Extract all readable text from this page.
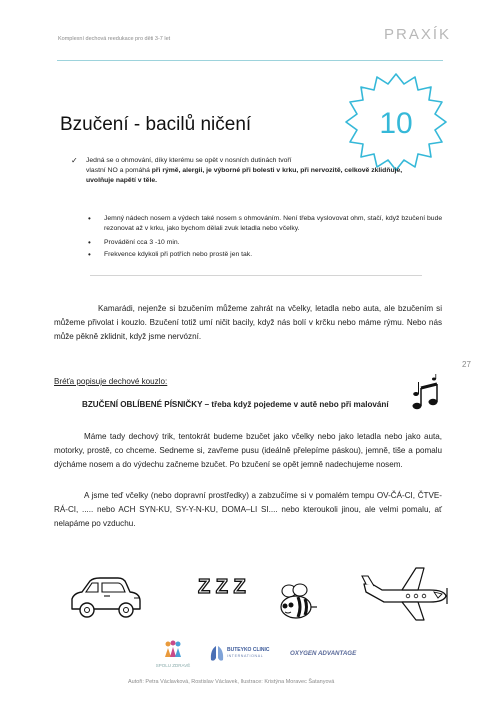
Komplexní dechová reedukace pro děti 3-7 let	PRAXÍK
Bzučení - bacilů ničení	10
✓ Jedná se o ohmování, díky kterému se opět v nosních dutinách tvoří
vlastní NO a pomáhá při rýmě, alergii, je výborné při bolesti v krku, při nervozitě, celkově zklidňuje,
uvolňuje napětí v těle.
• Jemný nádech nosem a výdech také nosem s ohmováním. Není třeba vyslovovat ohm, stačí, když bzučení bude rezonovat až v krku, jako bychom dělali zvuk letadla nebo včelky.
• Provádění cca 3 -10 min.
• Frekvence kdykoli při potřích nebo prostě jen tak.
Kamarádi, nejenže si bzučením můžeme zahrát na včelky, letadla nebo auta, ale bzučením si můžeme přivolat i kouzlo. Bzučení totiž umí ničit bacily, když nás bolí v krčku nebo máme rýmu. Nebo nás může pěkně zklidnit, když jsme nervózní.
27
Bréťa popisuje dechové kouzlo:
BZUČENÍ OBLÍBENÉ PÍSNIČKY – třeba když pojedeme v autě nebo při malování
Máme tady dechový trik, tentokrát budeme bzučet jako včelky nebo jako letadla nebo jako auta, motorky, prostě, co chceme. Sedneme si, zavřeme pusu (ideálně přelepíme páskou), jemně, tiše a pomalu dýcháme nosem a do výdechu začneme bzučet. Po bzučení se opět jemně nadechujeme nosem.
A jsme teď včelky (nebo dopravní prostředky) a zabzučíme si v pomalém tempu OV-ČÁ-CI, ČTVE-RÁ-CI, ..... nebo ACH SYN-KU, SY-Y-N-KU, DOMA–LI SI.... nebo kteroukoli jinou, ale velmi pomalu, ať nelapáme po vzduchu.
Z Z Z
SPOLU ZDRAVĚ
BUTEYKO CLINIC
INTERNATIONAL	OXYGEN ADVANTAGE
Autoři: Petra Václavková, Rostislav Václavek, Ilustrace: Kristýna Moravec Šatanyová
